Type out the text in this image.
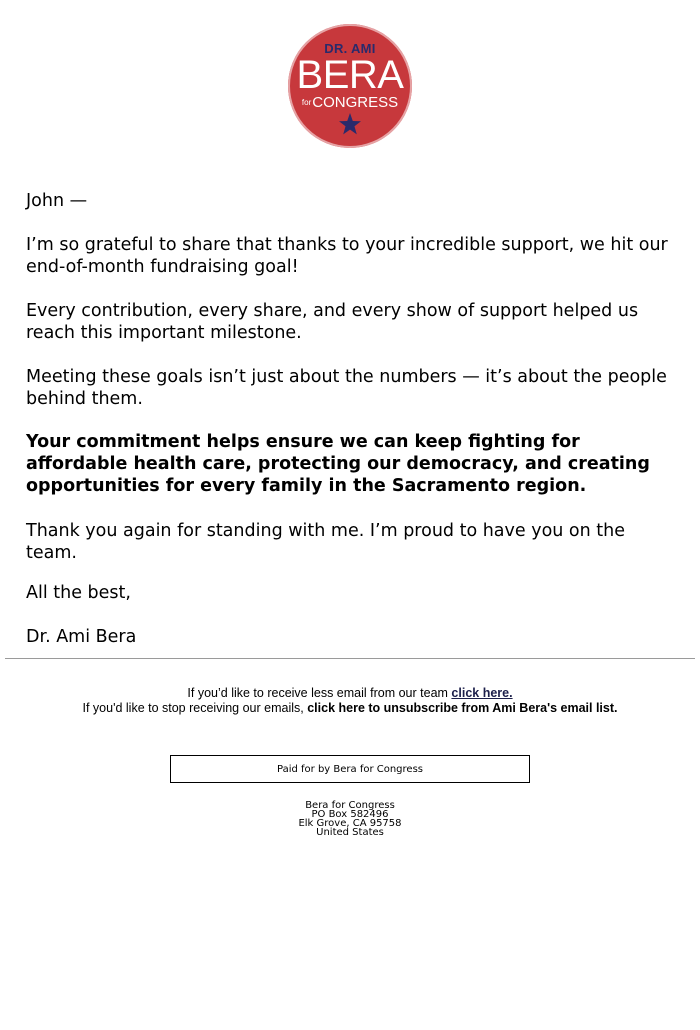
DR. AMI
BERA
forCONGRESS

John —

I’m so grateful to share that thanks to your incredible support, we hit our end-of-month fundraising goal!

Every contribution, every share, and every show of support helped us reach this important milestone.

Meeting these goals isn’t just about the numbers — it’s about the people behind them.

Your commitment helps ensure we can keep fighting for affordable health care, protecting our democracy, and creating opportunities for every family in the Sacramento region.

Thank you again for standing with me. I’m proud to have you on the team.

All the best,

Dr. Ami Bera

If you’d like to receive less email from our team click here.
If you'd like to stop receiving our emails, click here to unsubscribe from Ami Bera's email list.
Paid for by Bera for Congress
Bera for Congress
PO Box 582496
Elk Grove, CA 95758
United States
